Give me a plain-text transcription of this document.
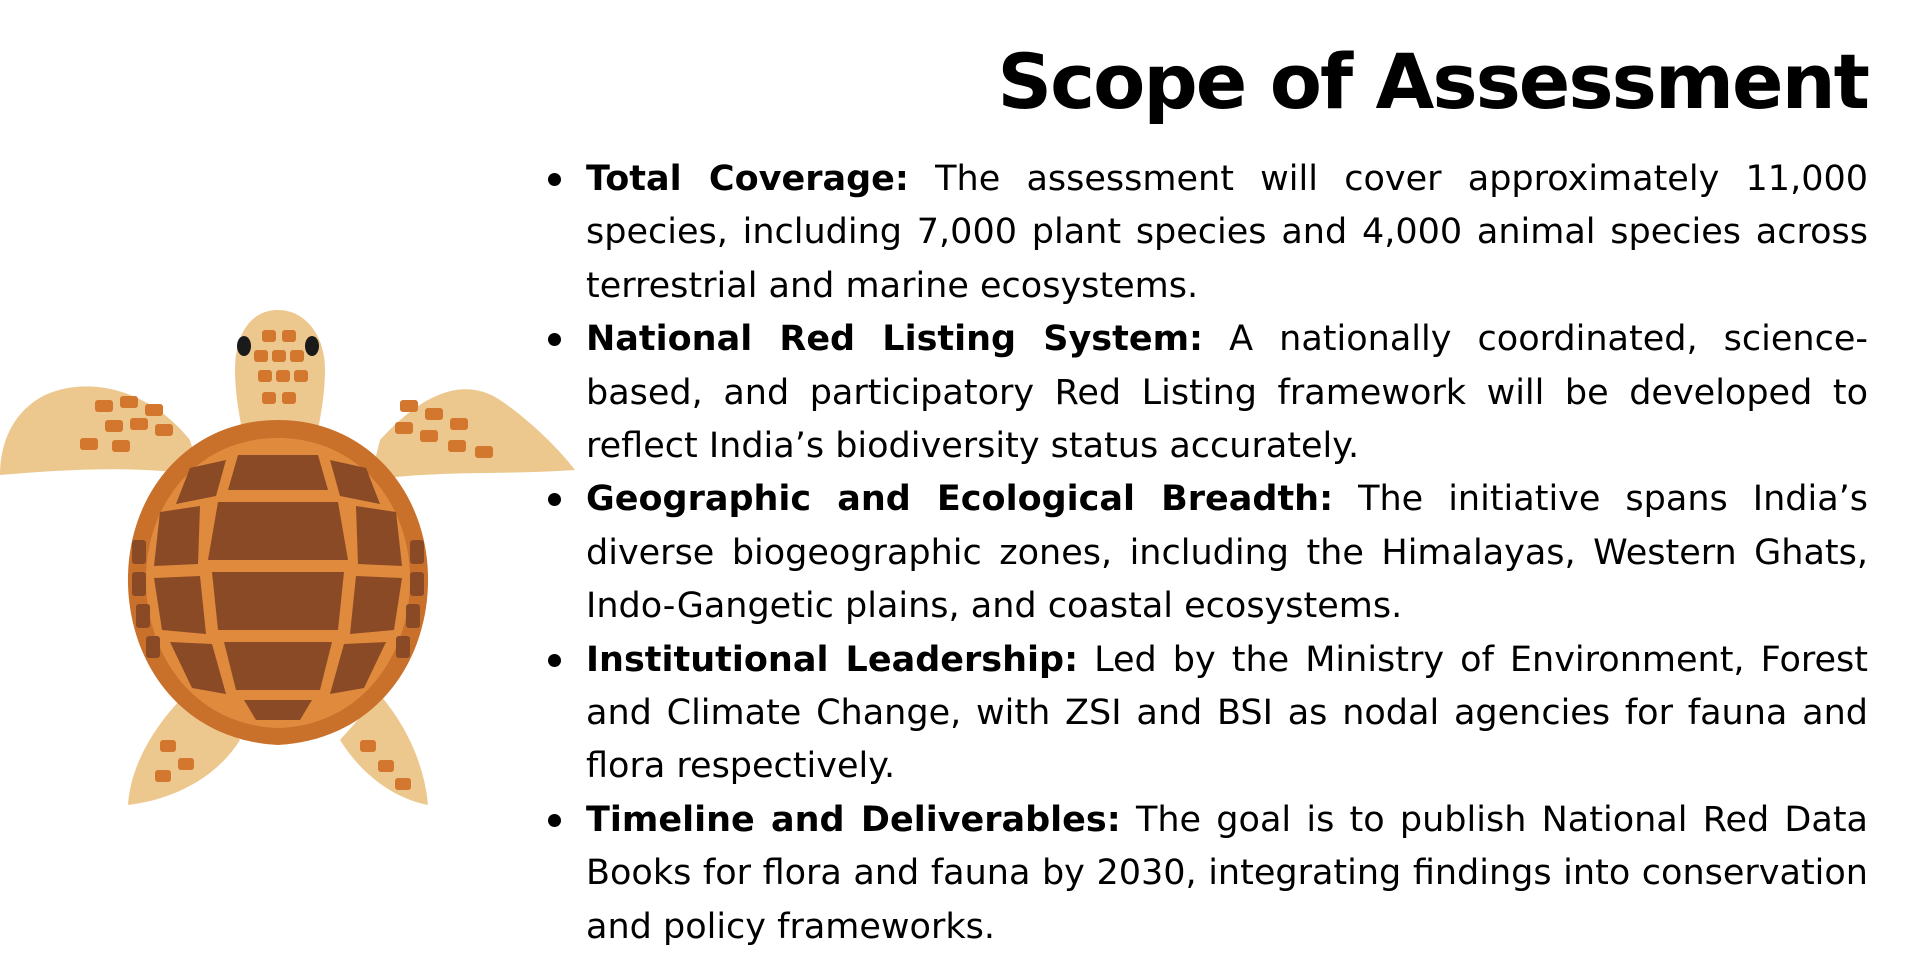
Scope of Assessment
Total Coverage: The assessment will cover approximately 11,000 species, including 7,000 plant species and 4,000 animal species across terrestrial and marine ecosystems.
National Red Listing System: A nationally coordinated, science-based, and participatory Red Listing framework will be developed to reflect India’s biodiversity status accurately.
Geographic and Ecological Breadth: The initiative spans India’s diverse biogeographic zones, including the Himalayas, Western Ghats, Indo-Gangetic plains, and coastal ecosystems.
Institutional Leadership: Led by the Ministry of Environment, Forest and Climate Change, with ZSI and BSI as nodal agencies for fauna and flora respectively.
Timeline and Deliverables: The goal is to publish National Red Data Books for flora and fauna by 2030, integrating findings into conservation and policy frameworks.
